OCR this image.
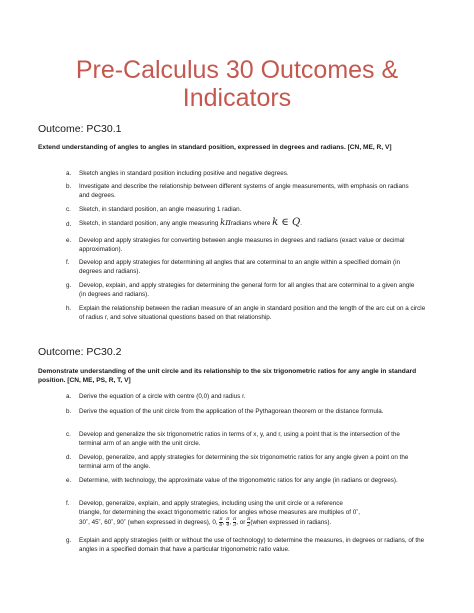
Pre-Calculus 30 Outcomes &
Indicators
Outcome: PC30.1
Extend understanding of angles to angles in standard position, expressed in degrees and radians. [CN, ME, R, V]
a. Sketch angles in standard position including positive and negative degrees.
b. Investigate and describe the relationship between different systems of angle measurements, with emphasis on radians and degrees.
c. Sketch, in standard position, an angle measuring 1 radian.
d. Sketch, in standard position, any angle measuring kπradians where k ∈ Q.
e. Develop and apply strategies for converting between angle measures in degrees and radians (exact value or decimal approximation).
f. Develop and apply strategies for determining all angles that are coterminal to an angle within a specified domain (in degrees and radians).
g. Develop, explain, and apply strategies for determining the general form for all angles that are coterminal to a given angle (in degrees and radians).
h. Explain the relationship between the radian measure of an angle in standard position and the length of the arc cut on a circle of radius r, and solve situational questions based on that relationship.
Outcome: PC30.2
Demonstrate understanding of the unit circle and its relationship to the six trigonometric ratios for any angle in standard position. [CN, ME, PS, R, T, V]
a. Derive the equation of a circle with centre (0,0) and radius r.
b. Derive the equation of the unit circle from the application of the Pythagorean theorem or the distance formula.
c. Develop and generalize the six trigonometric ratios in terms of x, y, and r, using a point that is the intersection of the terminal arm of an angle with the unit circle.
d. Develop, generalize, and apply strategies for determining the six trigonometric ratios for any angle given a point on the terminal arm of the angle.
e. Determine, with technology, the approximate value of the trigonometric ratios for any angle (in radians or degrees).
f. Develop, generalize, explain, and apply strategies, including using the unit circle or a reference
triangle, for determining the exact trigonometric ratios for angles whose measures are multiples of 0˚,
30˚, 45˚, 60˚, 90˚ (when expressed in degrees), 0, $\frac{\pi}{6}$ , $\frac{\pi}{4}$ , $\frac{\pi}{3}$ , or $\frac{\pi}{2}$ (when expressed in radians).
g. Explain and apply strategies (with or without the use of technology) to determine the measures, in degrees or radians, of the angles in a specified domain that have a particular trigonometric ratio value.
